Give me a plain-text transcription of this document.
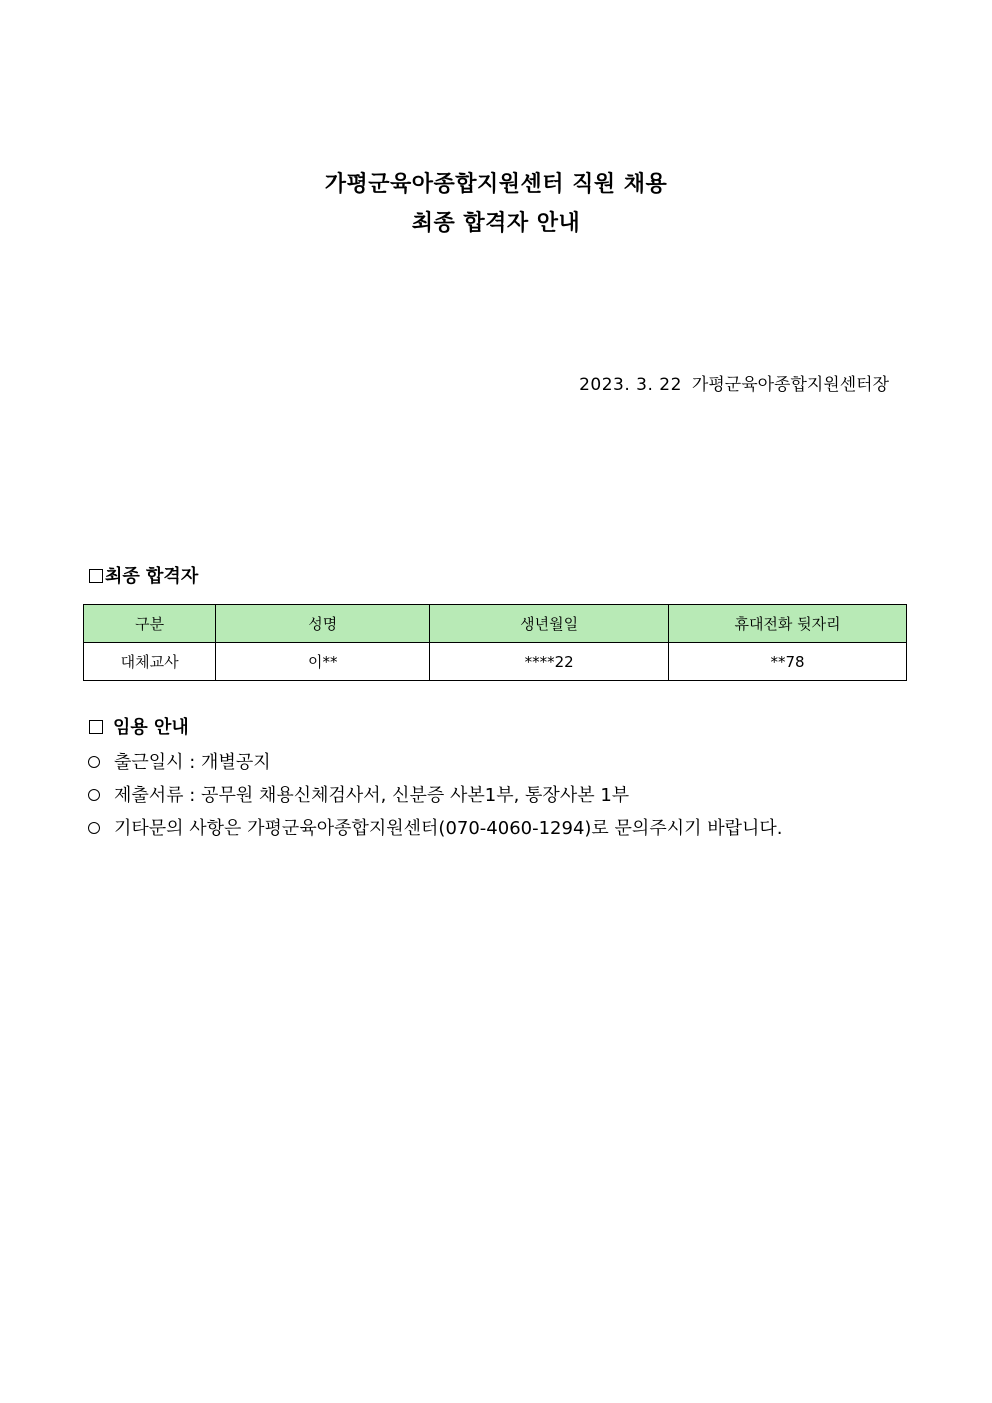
가평군육아종합지원센터 직원 채용
최종 합격자 안내
2023. 3. 22 가평군육아종합지원센터장
최종 합격자
구분	성명	생년월일	휴대전화 뒷자리
대체교사	이**	****22	**78
임용 안내
출근일시 : 개별공지
제출서류 : 공무원 채용신체검사서, 신분증 사본1부, 통장사본 1부
기타문의 사항은 가평군육아종합지원센터(070-4060-1294)로 문의주시기 바랍니다.
